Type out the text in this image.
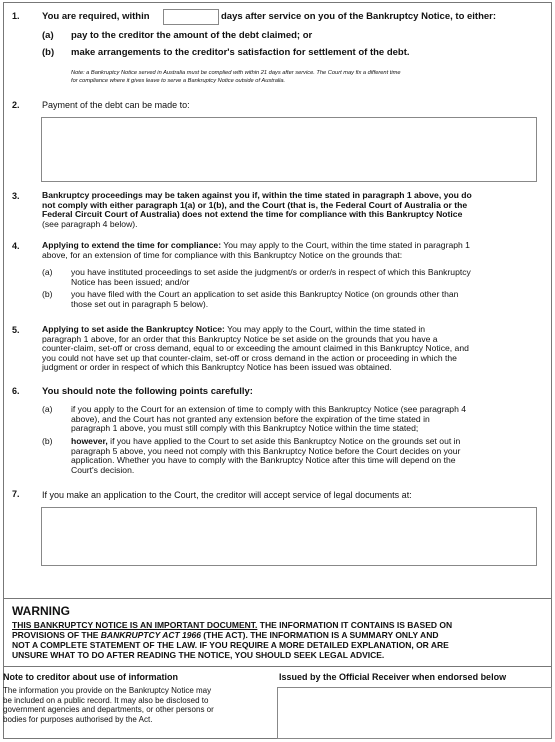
1. You are required, within	days after service on you of the Bankruptcy Notice, to either:
(a) pay to the creditor the amount of the debt claimed; or
(b) make arrangements to the creditor's satisfaction for settlement of the debt.
Note: a Bankruptcy Notice served in Australia must be complied with within 21 days after service. The Court may fix a different time
for compliance where it gives leave to serve a Bankruptcy Notice outside of Australia.
2. Payment of the debt can be made to:
3.	Bankruptcy proceedings may be taken against you if, within the time stated in paragraph 1 above, you do
not comply with either paragraph 1(a) or 1(b), and the Court (that is, the Federal Court of Australia or the
Federal Circuit Court of Australia) does not extend the time for compliance with this Bankruptcy Notice
(see paragraph 4 below).
4.	Applying to extend the time for compliance: You may apply to the Court, within the time stated in paragraph 1
above, for an extension of time for compliance with this Bankruptcy Notice on the grounds that:
(a) you have instituted proceedings to set aside the judgment/s or order/s in respect of which this Bankruptcy
Notice has been issued; and/or
(b) you have filed with the Court an application to set aside this Bankruptcy Notice (on grounds other than
those set out in paragraph 5 below).
5.	Applying to set aside the Bankruptcy Notice: You may apply to the Court, within the time stated in
paragraph 1 above, for an order that this Bankruptcy Notice be set aside on the grounds that you have a
counter-claim, set-off or cross demand, equal to or exceeding the amount claimed in this Bankruptcy Notice, and
you could not have set up that counter-claim, set-off or cross demand in the action or proceeding in which the
judgment or order in respect of which this Bankruptcy Notice has been issued was obtained.
6. You should note the following points carefully:
(a) if you apply to the Court for an extension of time to comply with this Bankruptcy Notice (see paragraph 4
above), and the Court has not granted any extension before the expiration of the time stated in
paragraph 1 above, you must still comply with this Bankruptcy Notice within the time stated;
(b) however, if you have applied to the Court to set aside this Bankruptcy Notice on the grounds set out in
paragraph 5 above, you need not comply with this Bankruptcy Notice before the Court decides on your
application. Whether you have to comply with the Bankruptcy Notice after this time will depend on the
Court's decision.
7. If you make an application to the Court, the creditor will accept service of legal documents at:
WARNING
THIS BANKRUPTCY NOTICE IS AN IMPORTANT DOCUMENT. THE INFORMATION IT CONTAINS IS BASED ON
PROVISIONS OF THE BANKRUPTCY ACT 1966 (THE ACT). THE INFORMATION IS A SUMMARY ONLY AND
NOT A COMPLETE STATEMENT OF THE LAW. IF YOU REQUIRE A MORE DETAILED EXPLANATION, OR ARE
UNSURE WHAT TO DO AFTER READING THE NOTICE, YOU SHOULD SEEK LEGAL ADVICE.
Note to creditor about use of information
The information you provide on the Bankruptcy Notice may
be included on a public record. It may also be disclosed to
government agencies and departments, or other persons or
bodies for purposes authorised by the Act.
Issued by the Official Receiver when endorsed below
